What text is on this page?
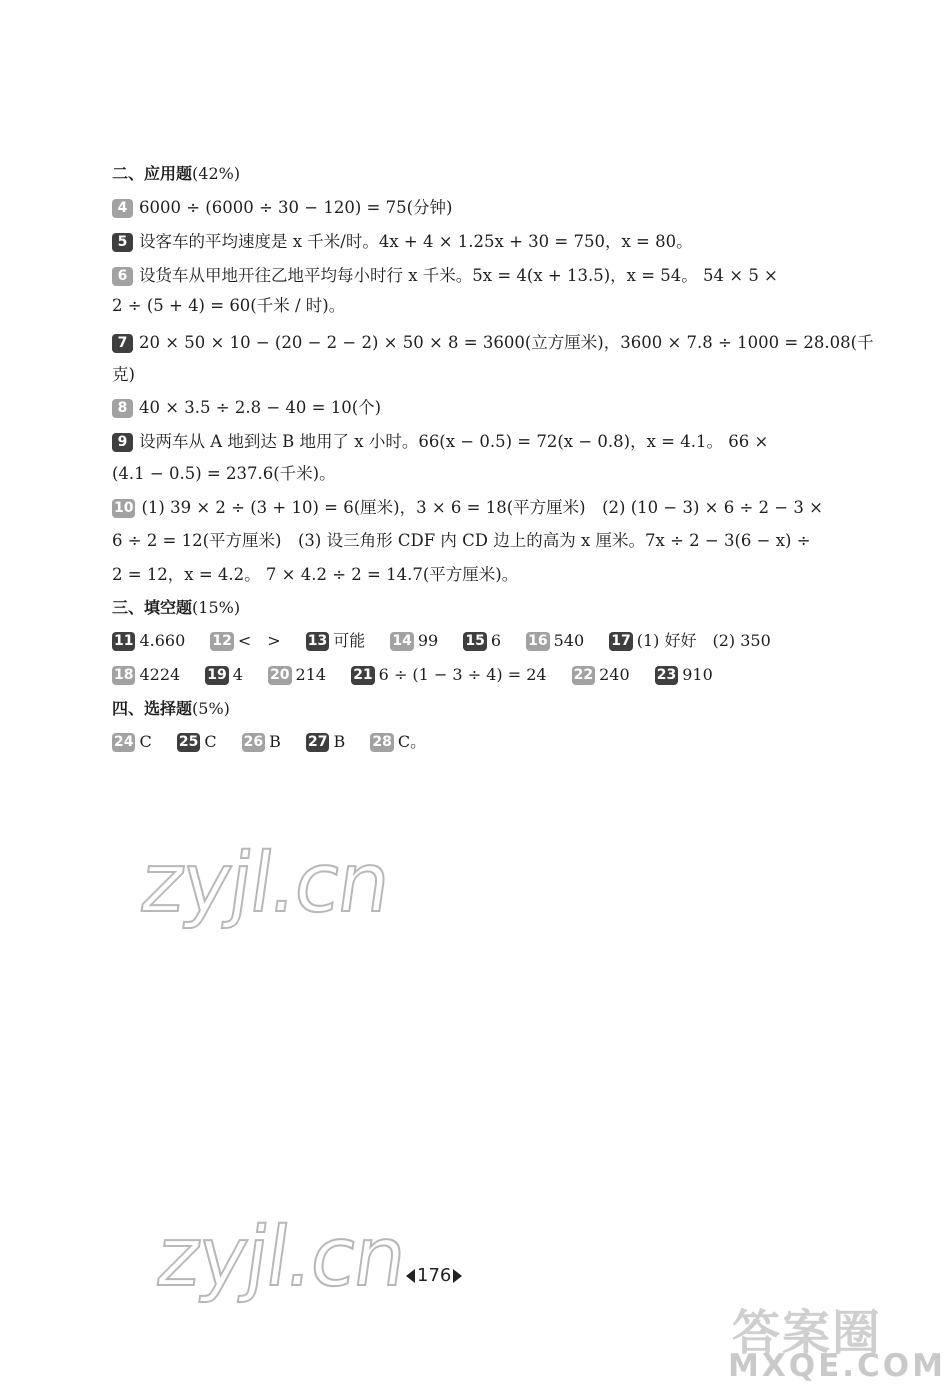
二、应用题(42%)
4 6000 ÷ (6000 ÷ 30 − 120) = 75(分钟)
5 设客车的平均速度是 x 千米/时。4x + 4 × 1.25x + 30 = 750，x = 80。
6 设货车从甲地开往乙地平均每小时行 x 千米。5x = 4(x + 13.5)，x = 54。 54 × 5 ×
2 ÷ (5 + 4) = 60(千米 / 时)。
7 20 × 50 × 10 − (20 − 2 − 2) × 50 × 8 = 3600(立方厘米)，3600 × 7.8 ÷ 1000 = 28.08(千
克)
8 40 × 3.5 ÷ 2.8 − 40 = 10(个)
9 设两车从 A 地到达 B 地用了 x 小时。66(x − 0.5) = 72(x − 0.8)，x = 4.1。 66 ×
(4.1 − 0.5) = 237.6(千米)。
10 (1) 39 × 2 ÷ (3 + 10) = 6(厘米)，3 × 6 = 18(平方厘米)　(2) (10 − 3) × 6 ÷ 2 − 3 ×
6 ÷ 2 = 12(平方厘米)　(3) 设三角形 CDF 内 CD 边上的高为 x 厘米。7x ÷ 2 − 3(6 − x) ÷
2 = 12，x = 4.2。 7 × 4.2 ÷ 2 = 14.7(平方厘米)。
三、填空题(15%)
11 4.660 12 <　> 13 可能 14 99 15 6 16 540 17 (1) 好好　(2) 350
18 4224 19 4 20 214 21 6 ÷ (1 − 3 ÷ 4) = 24 22 240 23 910
四、选择题(5%)
24 C 25 C 26 B 27 B 28 C。
zyjl.cn
zyjl.cn 176
答案圈
MXQE.COM
